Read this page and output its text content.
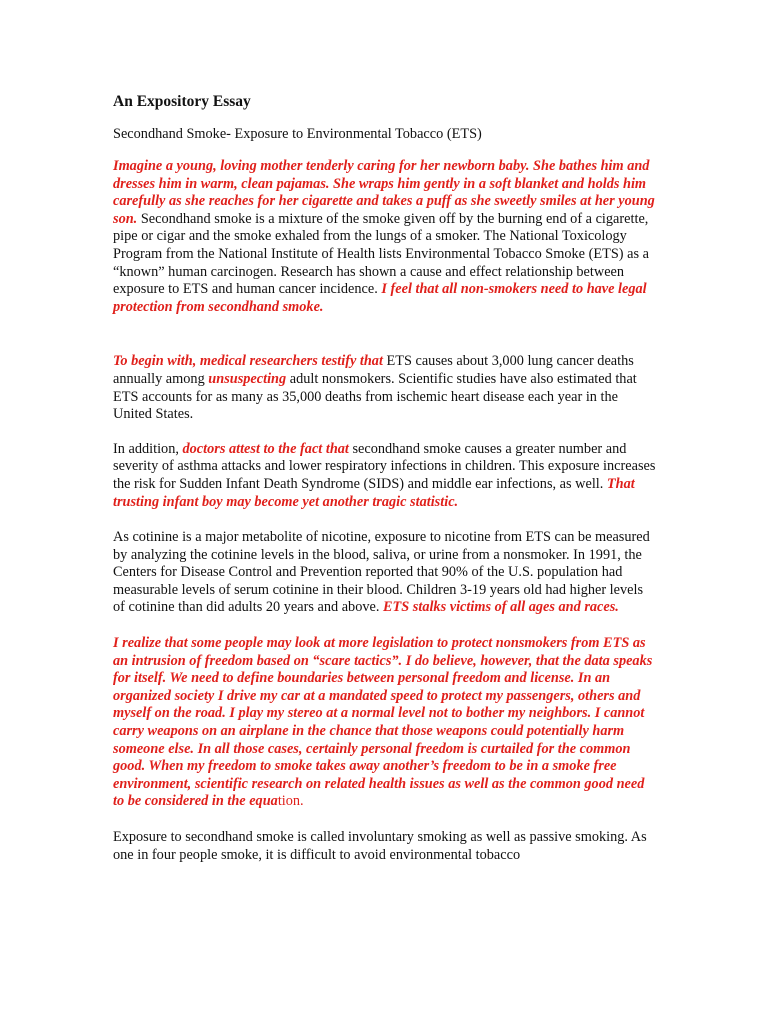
An Expository Essay
Secondhand Smoke- Exposure to Environmental Tobacco (ETS)

Imagine a young, loving mother tenderly caring for her newborn baby. She bathes him and dresses him in warm, clean pajamas. She wraps him gently in a soft blanket and holds him carefully as she reaches for her cigarette and takes a puff as she sweetly smiles at her young son. Secondhand smoke is a mixture of the smoke given off by the burning end of a cigarette, pipe or cigar and the smoke exhaled from the lungs of a smoker. The National Toxicology Program from the National Institute of Health lists Environmental Tobacco Smoke (ETS) as a “known” human carcinogen. Research has shown a cause and effect relationship between exposure to ETS and human cancer incidence. I feel that all non-smokers need to have legal protection from secondhand smoke.

To begin with, medical researchers testify that ETS causes about 3,000 lung cancer deaths annually among unsuspecting adult nonsmokers. Scientific studies have also estimated that ETS accounts for as many as 35,000 deaths from ischemic heart disease each year in the United States.

In addition, doctors attest to the fact that secondhand smoke causes a greater number and severity of asthma attacks and lower respiratory infections in children. This exposure increases the risk for Sudden Infant Death Syndrome (SIDS) and middle ear infections, as well. That trusting infant boy may become yet another tragic statistic.

As cotinine is a major metabolite of nicotine, exposure to nicotine from ETS can be measured by analyzing the cotinine levels in the blood, saliva, or urine from a nonsmoker. In 1991, the Centers for Disease Control and Prevention reported that 90% of the U.S. population had measurable levels of serum cotinine in their blood. Children 3-19 years old had higher levels of cotinine than did adults 20 years and above. ETS stalks victims of all ages and races.

I realize that some people may look at more legislation to protect nonsmokers from ETS as an intrusion of freedom based on “scare tactics”. I do believe, however, that the data speaks for itself. We need to define boundaries between personal freedom and license. In an organized society I drive my car at a mandated speed to protect my passengers, others and myself on the road. I play my stereo at a normal level not to bother my neighbors. I cannot carry weapons on an airplane in the chance that those weapons could potentially harm someone else. In all those cases, certainly personal freedom is curtailed for the common good. When my freedom to smoke takes away another’s freedom to be in a smoke free environment, scientific research on related health issues as well as the common good need to be considered in the equation.

Exposure to secondhand smoke is called involuntary smoking as well as passive smoking. As one in four people smoke, it is difficult to avoid environmental tobacco
